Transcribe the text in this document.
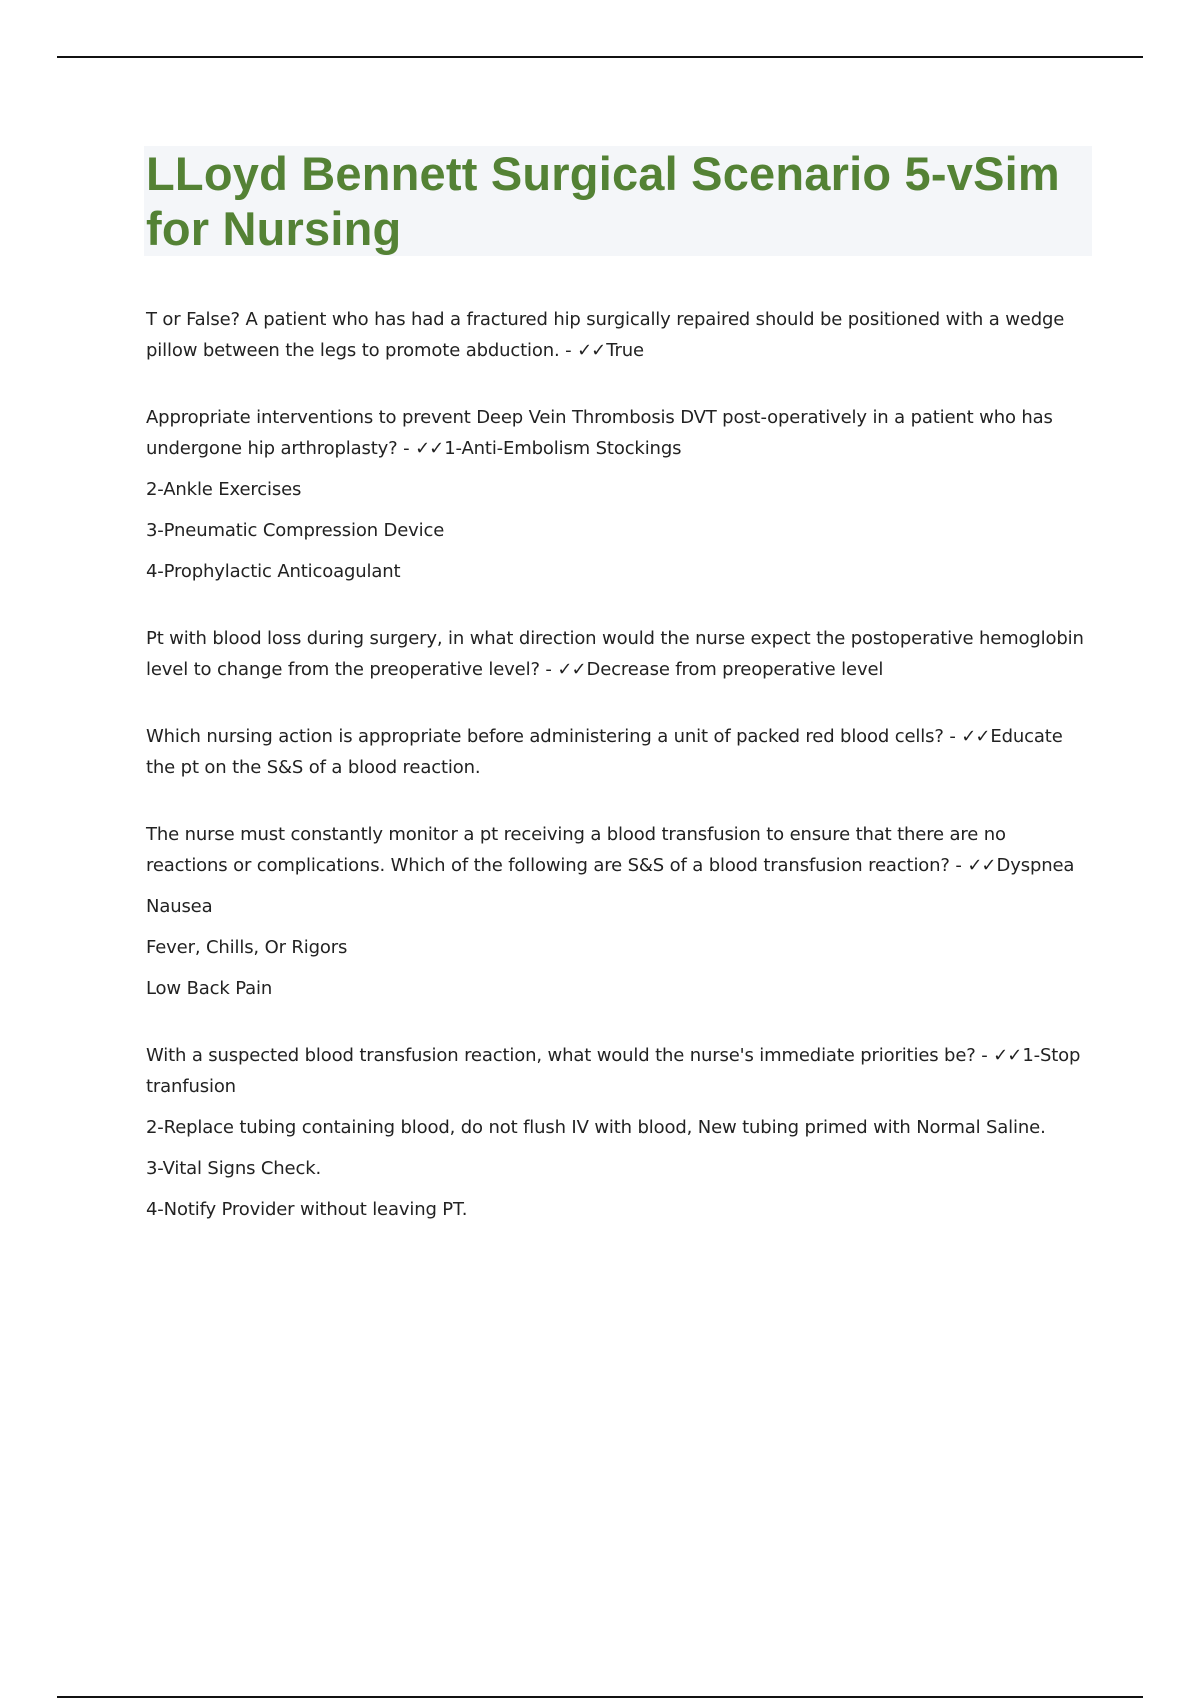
LLoyd Bennett Surgical Scenario 5-vSim for Nursing

T or False? A patient who has had a fractured hip surgically repaired should be positioned with a wedge pillow between the legs to promote abduction. - ✓✓True

Appropriate interventions to prevent Deep Vein Thrombosis DVT post-operatively in a patient who has undergone hip arthroplasty? - ✓✓1-Anti-Embolism Stockings

2-Ankle Exercises

3-Pneumatic Compression Device

4-Prophylactic Anticoagulant

Pt with blood loss during surgery, in what direction would the nurse expect the postoperative hemoglobin level to change from the preoperative level? - ✓✓Decrease from preoperative level

Which nursing action is appropriate before administering a unit of packed red blood cells? - ✓✓Educate the pt on the S&S of a blood reaction.

The nurse must constantly monitor a pt receiving a blood transfusion to ensure that there are no reactions or complications. Which of the following are S&S of a blood transfusion reaction? - ✓✓Dyspnea

Nausea

Fever, Chills, Or Rigors

Low Back Pain

With a suspected blood transfusion reaction, what would the nurse's immediate priorities be? - ✓✓1-Stop tranfusion

2-Replace tubing containing blood, do not flush IV with blood, New tubing primed with Normal Saline.

3-Vital Signs Check.

4-Notify Provider without leaving PT.
